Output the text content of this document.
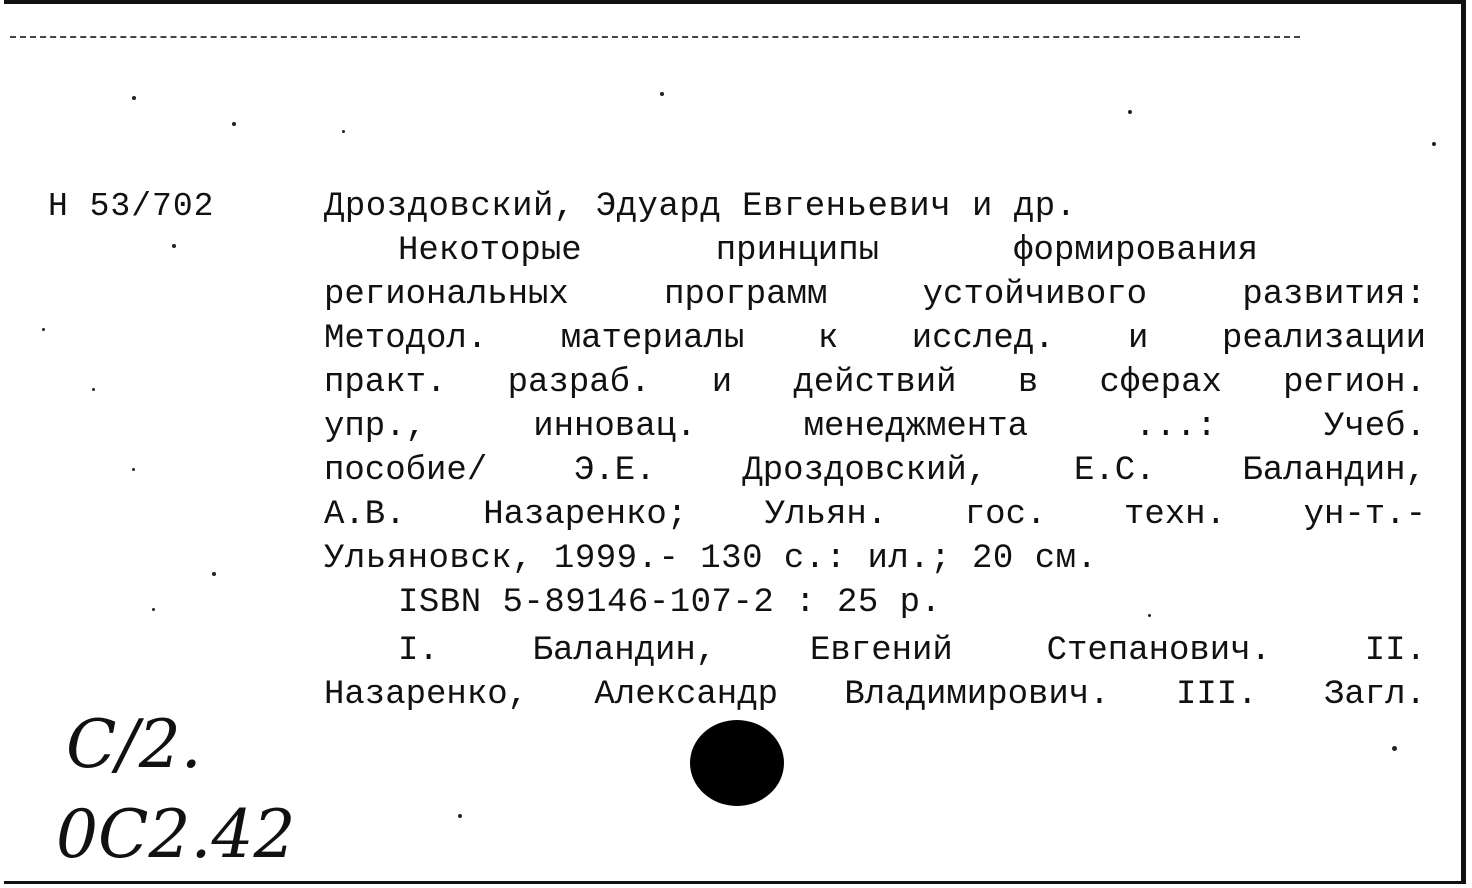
Н 53/702	Дроздовский, Эдуард Евгеньевич и др.
Некоторые	принципы	формирования
региональных	программ	устойчивого	развития:
Методол. материалы к исслед. и реализации
практ. разраб. и действий в сферах регион.
упр.,	инновац.	менеджмента	...:	Учеб.
пособие/	Э.Е.	Дроздовский,	Е.С.	Баландин,
А.В. Назаренко; Ульян. гос. техн. ун-т.-
Ульяновск, 1999.- 130 с.: ил.; 20 см.
ISBN 5-89146-107-2 : 25 р.
I.	Баландин,	Евгений	Степанович.	II.
Назаренко, Александр Владимирович. III. Загл.
С/2.
0С2.42
